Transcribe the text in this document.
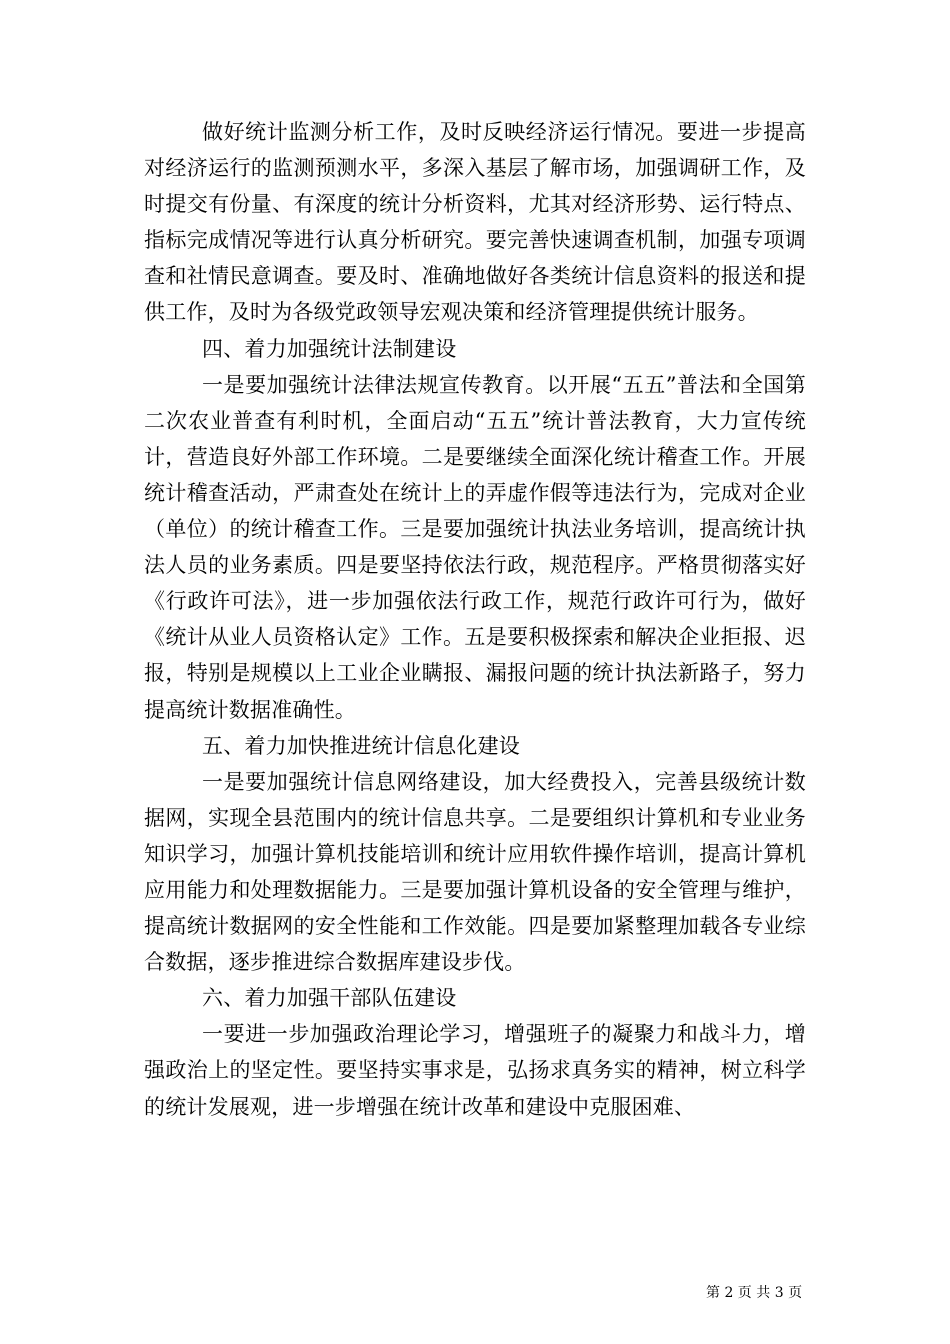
做好统计监测分析工作，及时反映经济运行情况。要进一步提高对经济运行的监测预测水平，多深入基层了解市场，加强调研工作，及时提交有份量、有深度的统计分析资料，尤其对经济形势、运行特点、指标完成情况等进行认真分析研究。要完善快速调查机制，加强专项调查和社情民意调查。要及时、准确地做好各类统计信息资料的报送和提供工作，及时为各级党政领导宏观决策和经济管理提供统计服务。

四、着力加强统计法制建设

一是要加强统计法律法规宣传教育。以开展“五五”普法和全国第二次农业普查有利时机，全面启动“五五”统计普法教育，大力宣传统计，营造良好外部工作环境。二是要继续全面深化统计稽查工作。开展统计稽查活动，严肃查处在统计上的弄虚作假等违法行为，完成对企业（单位）的统计稽查工作。三是要加强统计执法业务培训，提高统计执法人员的业务素质。四是要坚持依法行政，规范程序。严格贯彻落实好《行政许可法》，进一步加强依法行政工作，规范行政许可行为，做好《统计从业人员资格认定》工作。五是要积极探索和解决企业拒报、迟报，特别是规模以上工业企业瞒报、漏报问题的统计执法新路子，努力提高统计数据准确性。

五、着力加快推进统计信息化建设

一是要加强统计信息网络建设，加大经费投入，完善县级统计数据网，实现全县范围内的统计信息共享。二是要组织计算机和专业业务知识学习，加强计算机技能培训和统计应用软件操作培训，提高计算机应用能力和处理数据能力。三是要加强计算机设备的安全管理与维护，提高统计数据网的安全性能和工作效能。四是要加紧整理加载各专业综合数据，逐步推进综合数据库建设步伐。

六、着力加强干部队伍建设

一要进一步加强政治理论学习，增强班子的凝聚力和战斗力，增强政治上的坚定性。要坚持实事求是，弘扬求真务实的精神，树立科学的统计发展观，进一步增强在统计改革和建设中克服困难、

第 2 页 共 3 页
